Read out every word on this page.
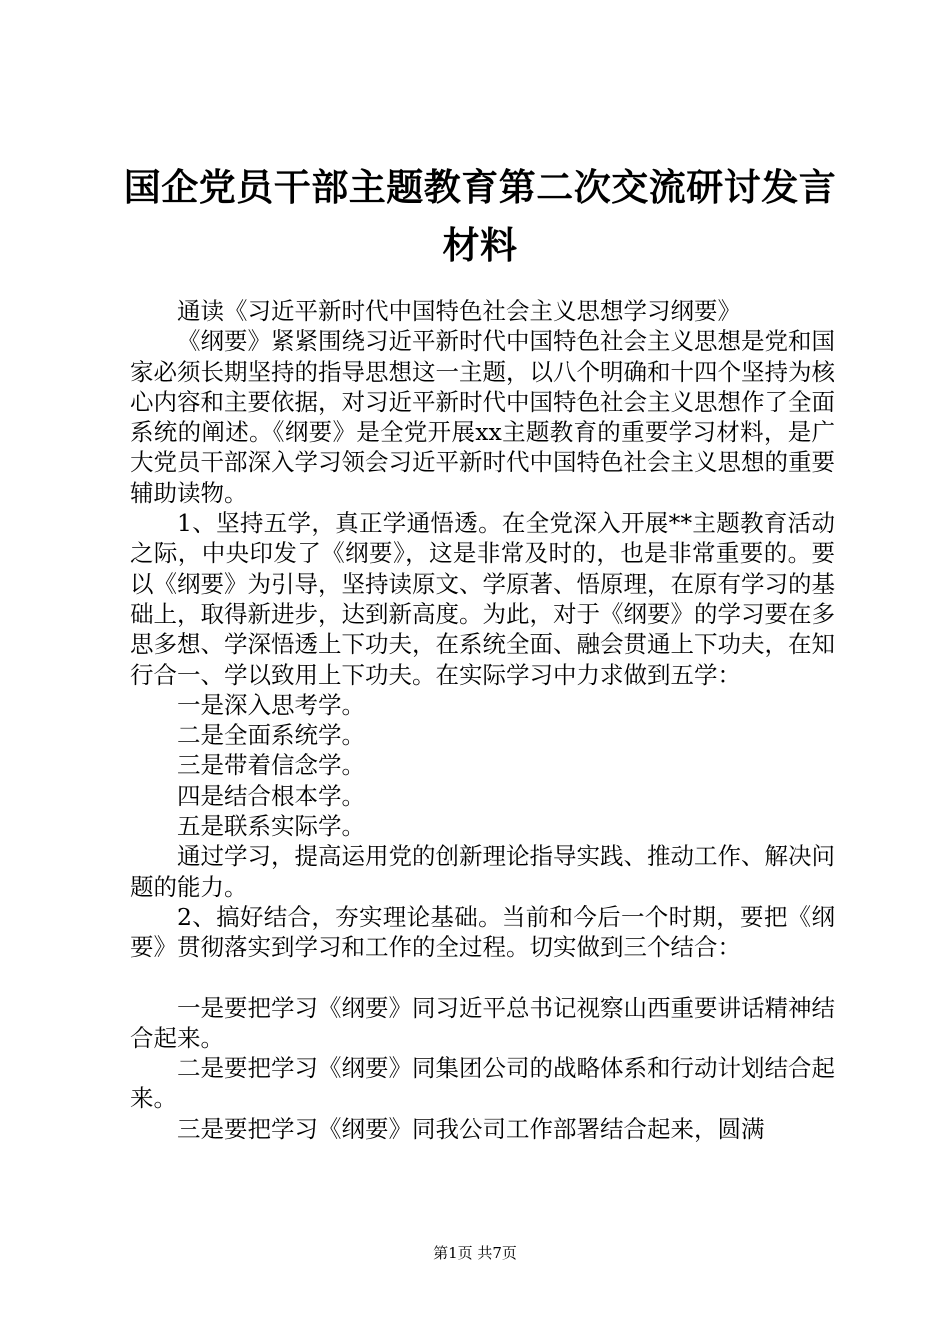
国企党员干部主题教育第二次交流研讨发言材料

通读《习近平新时代中国特色社会主义思想学习纲要》

《纲要》紧紧围绕习近平新时代中国特色社会主义思想是党和国家必须长期坚持的指导思想这一主题，以八个明确和十四个坚持为核心内容和主要依据，对习近平新时代中国特色社会主义思想作了全面系统的阐述。《纲要》是全党开展xx主题教育的重要学习材料，是广大党员干部深入学习领会习近平新时代中国特色社会主义思想的重要辅助读物。

1、坚持五学，真正学通悟透。在全党深入开展**主题教育活动之际，中央印发了《纲要》，这是非常及时的，也是非常重要的。要以《纲要》为引导，坚持读原文、学原著、悟原理，在原有学习的基础上，取得新进步，达到新高度。为此，对于《纲要》的学习要在多思多想、学深悟透上下功夫，在系统全面、融会贯通上下功夫，在知行合一、学以致用上下功夫。在实际学习中力求做到五学：

一是深入思考学。

二是全面系统学。

三是带着信念学。

四是结合根本学。

五是联系实际学。

通过学习，提高运用党的创新理论指导实践、推动工作、解决问题的能力。

2、搞好结合，夯实理论基础。当前和今后一个时期，要把《纲要》贯彻落实到学习和工作的全过程。切实做到三个结合：

一是要把学习《纲要》同习近平总书记视察山西重要讲话精神结合起来。

二是要把学习《纲要》同集团公司的战略体系和行动计划结合起来。

三是要把学习《纲要》同我公司工作部署结合起来，圆满

第1页 共7页
